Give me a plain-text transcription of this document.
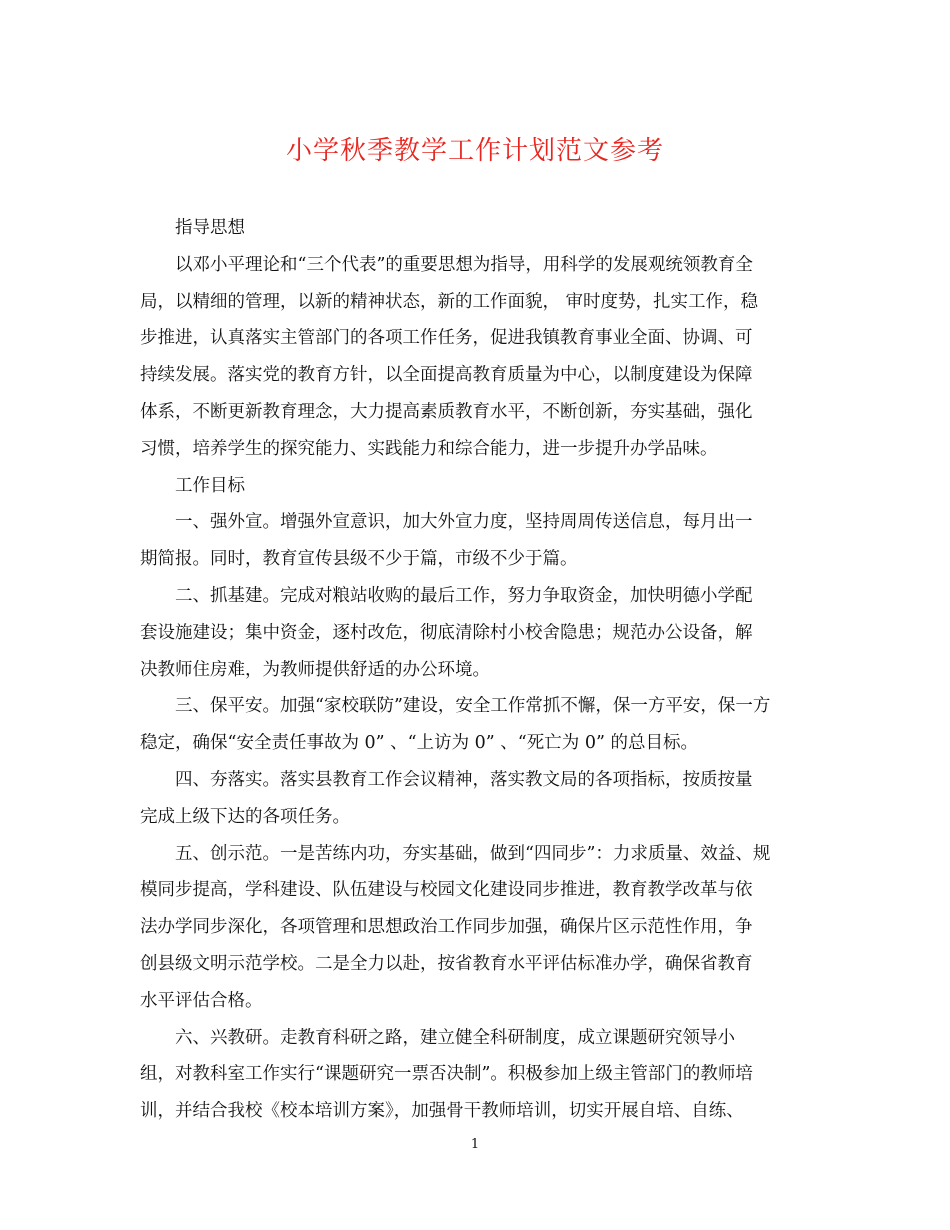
小学秋季教学工作计划范文参考

指导思想

以邓小平理论和“三个代表”的重要思想为指导，用科学的发展观统领教育全
局，以精细的管理，以新的精神状态，新的工作面貌， 审时度势，扎实工作，稳
步推进，认真落实主管部门的各项工作任务，促进我镇教育事业全面、协调、可
持续发展。落实党的教育方针，以全面提高教育质量为中心，以制度建设为保障
体系，不断更新教育理念，大力提高素质教育水平，不断创新，夯实基础，强化
习惯，培养学生的探究能力、实践能力和综合能力，进一步提升办学品味。

工作目标

一、强外宣。增强外宣意识，加大外宣力度，坚持周周传送信息，每月出一
期简报。同时，教育宣传县级不少于篇，市级不少于篇。

二、抓基建。完成对粮站收购的最后工作，努力争取资金，加快明德小学配
套设施建设；集中资金，逐村改危，彻底清除村小校舍隐患；规范办公设备，解
决教师住房难，为教师提供舒适的办公环境。

三、保平安。加强“家校联防”建设，安全工作常抓不懈，保一方平安，保一方
稳定，确保“安全责任事故为 0” 、“上访为 0” 、“死亡为 0” 的总目标。

四、夯落实。落实县教育工作会议精神，落实教文局的各项指标，按质按量
完成上级下达的各项任务。

五、创示范。一是苦练内功，夯实基础，做到“四同步”：力求质量、效益、规
模同步提高，学科建设、队伍建设与校园文化建设同步推进，教育教学改革与依
法办学同步深化，各项管理和思想政治工作同步加强，确保片区示范性作用，争
创县级文明示范学校。二是全力以赴，按省教育水平评估标准办学，确保省教育
水平评估合格。

六、兴教研。走教育科研之路，建立健全科研制度，成立课题研究领导小
组，对教科室工作实行“课题研究一票否决制”。积极参加上级主管部门的教师培
训，并结合我校《校本培训方案》，加强骨干教师培训，切实开展自培、自练、

1
